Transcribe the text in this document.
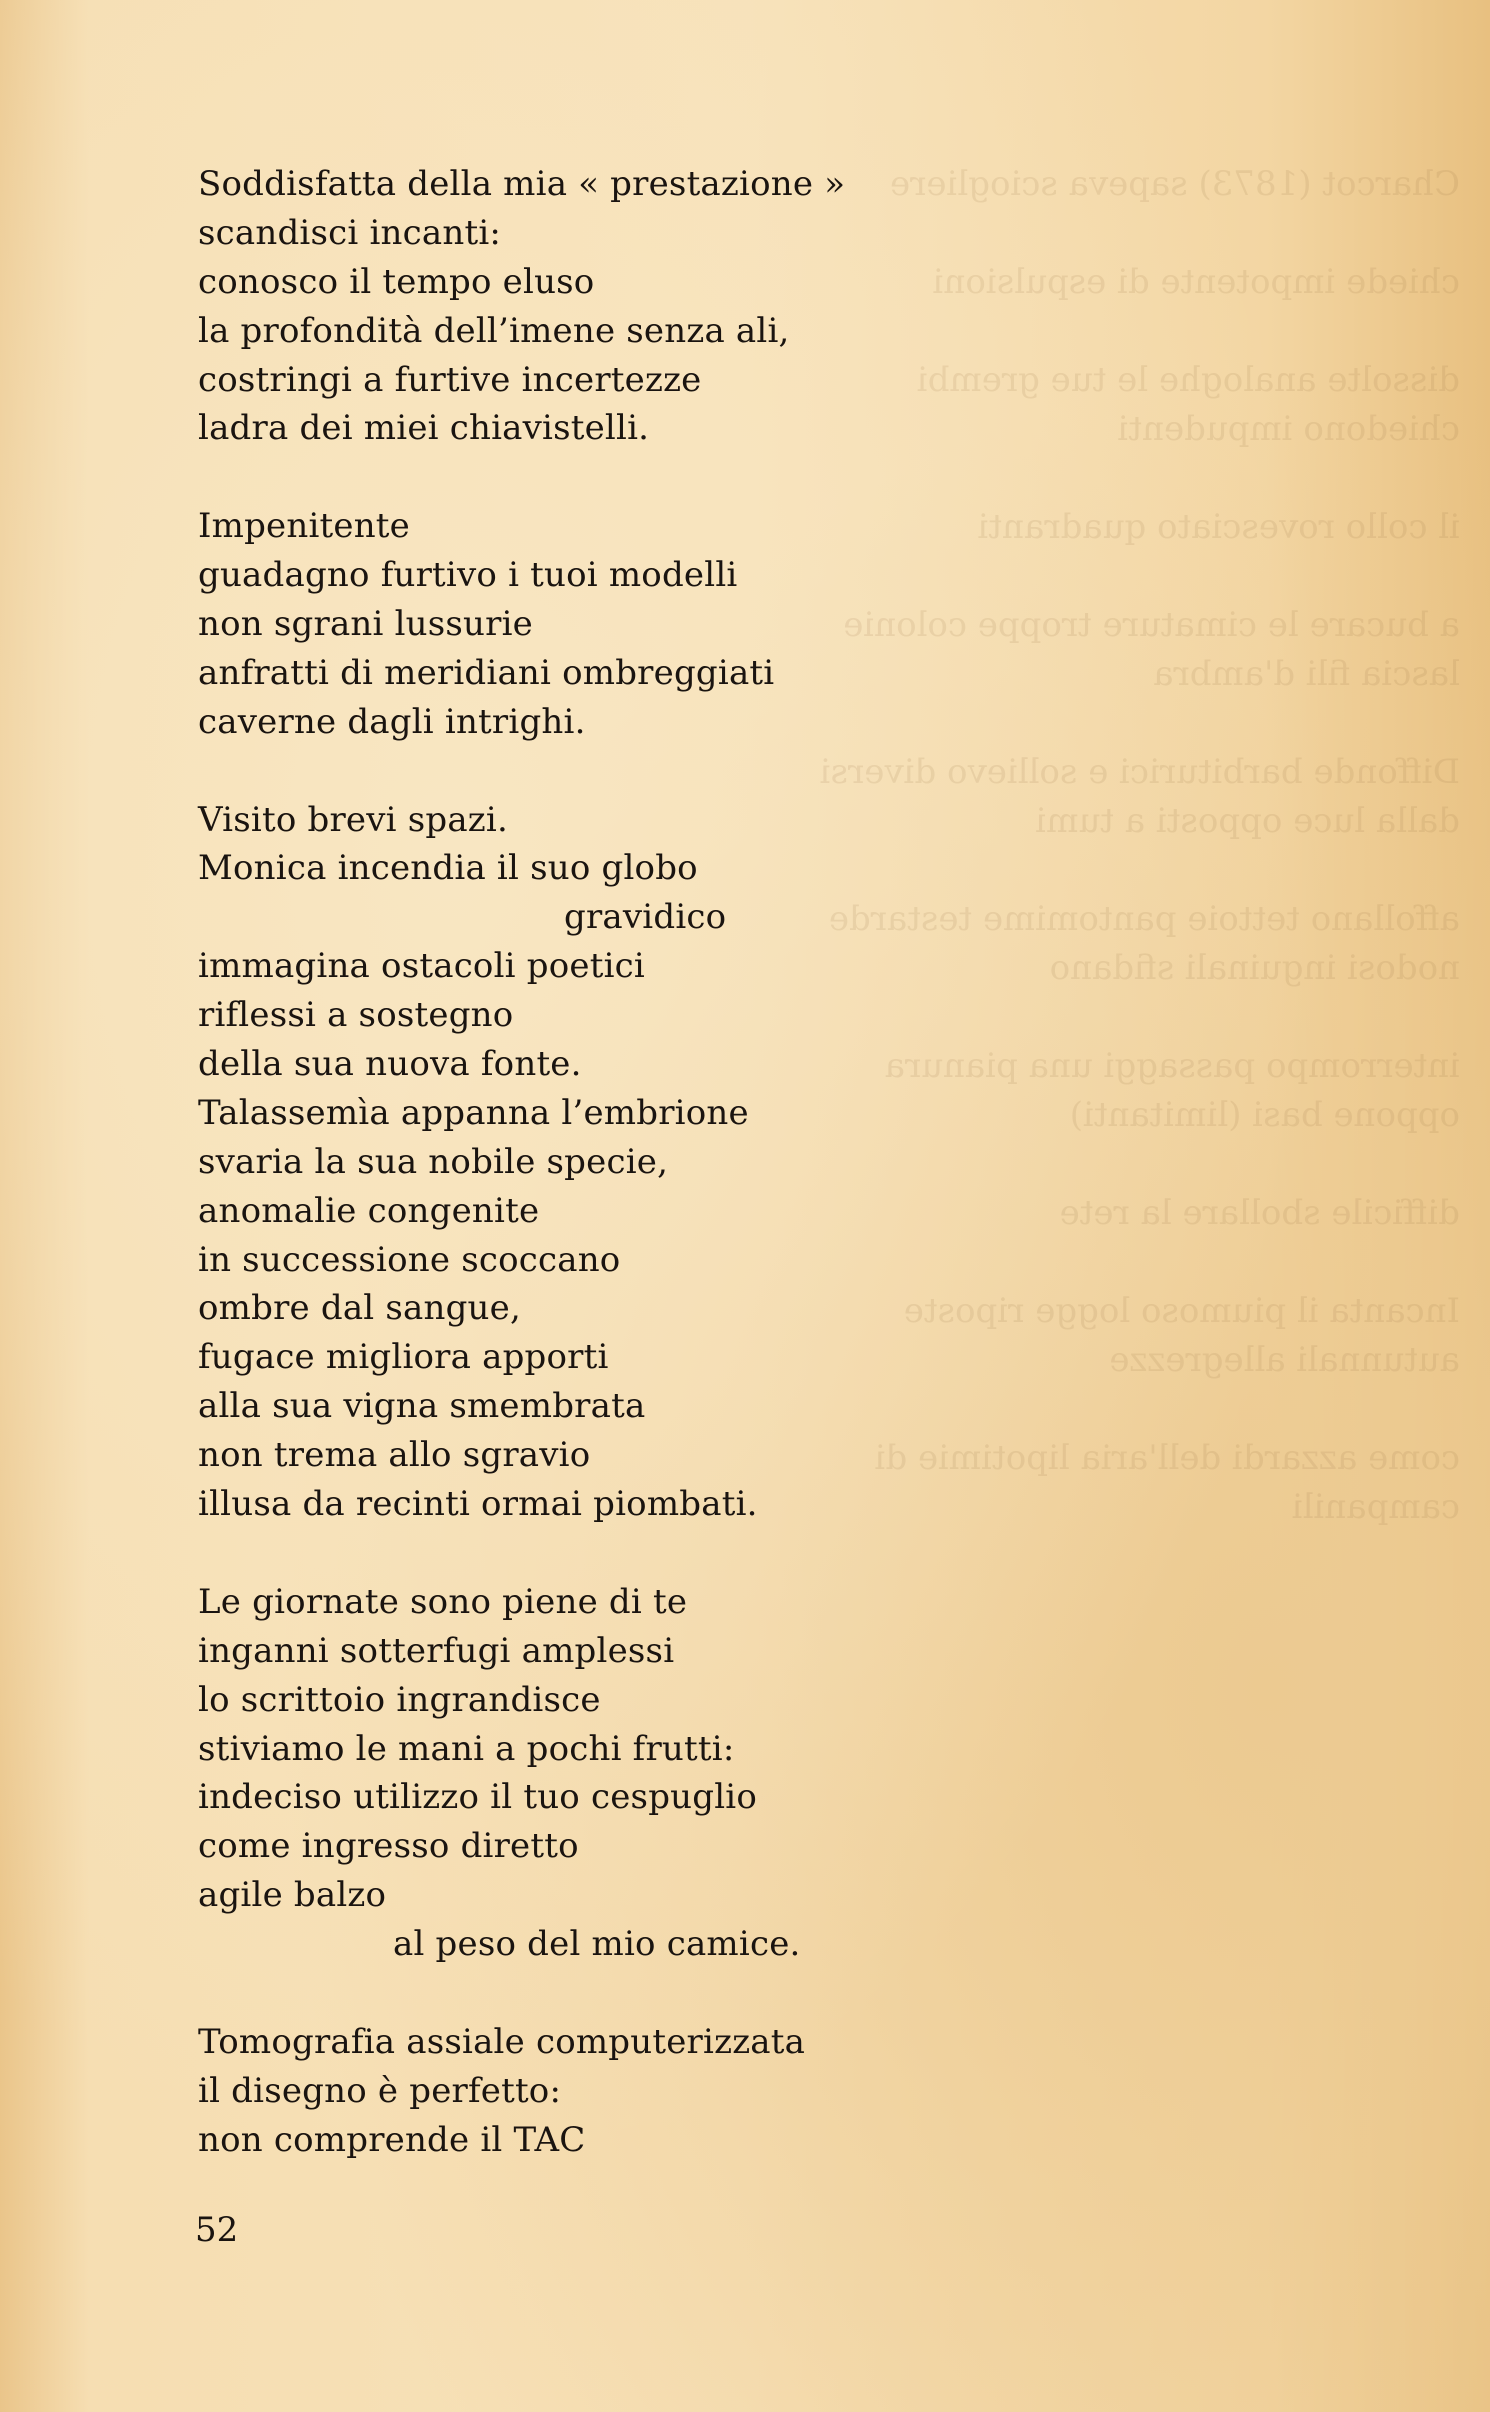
Charcot (1873) sapeva sciogliere

chiede impotente di espulsioni

dissolte analoghe le tue grembi chiedono impudenti

il collo rovesciato quadranti

a bucare le cimature troppe colonie lascia fili d'ambra

Diffonde barbiturici e sollievo diversi dalla luce opposti a tumi

affollano tettoie pantomime testarde nodosi inguinali sfidano

interrompo passaggi una pianura oppone basi (limitanti)

difficile sbollare la rete

Incanta il piumoso logge riposte autunnali allegrezze

come azzardi dell'aria lipotimie di campanili

Soddisfatta della mia « prestazione »
scandisci incanti:
conosco il tempo eluso
la profondità dell’imene senza ali,
costringi a furtive incertezze
ladra dei miei chiavistelli.
Impenitente
guadagno furtivo i tuoi modelli
non sgrani lussurie
anfratti di meridiani ombreggiati
caverne dagli intrighi.
Visito brevi spazi.
Monica incendia il suo globo
gravidico
immagina ostacoli poetici
riflessi a sostegno
della sua nuova fonte.
Talassemìa appanna l’embrione
svaria la sua nobile specie,
anomalie congenite
in successione scoccano
ombre dal sangue,
fugace migliora apporti
alla sua vigna smembrata
non trema allo sgravio
illusa da recinti ormai piombati.
Le giornate sono piene di te
inganni sotterfugi amplessi
lo scrittoio ingrandisce
stiviamo le mani a pochi frutti:
indeciso utilizzo il tuo cespuglio
come ingresso diretto
agile balzo
al peso del mio camice.
Tomografia assiale computerizzata
il disegno è perfetto:
non comprende il TAC
52
